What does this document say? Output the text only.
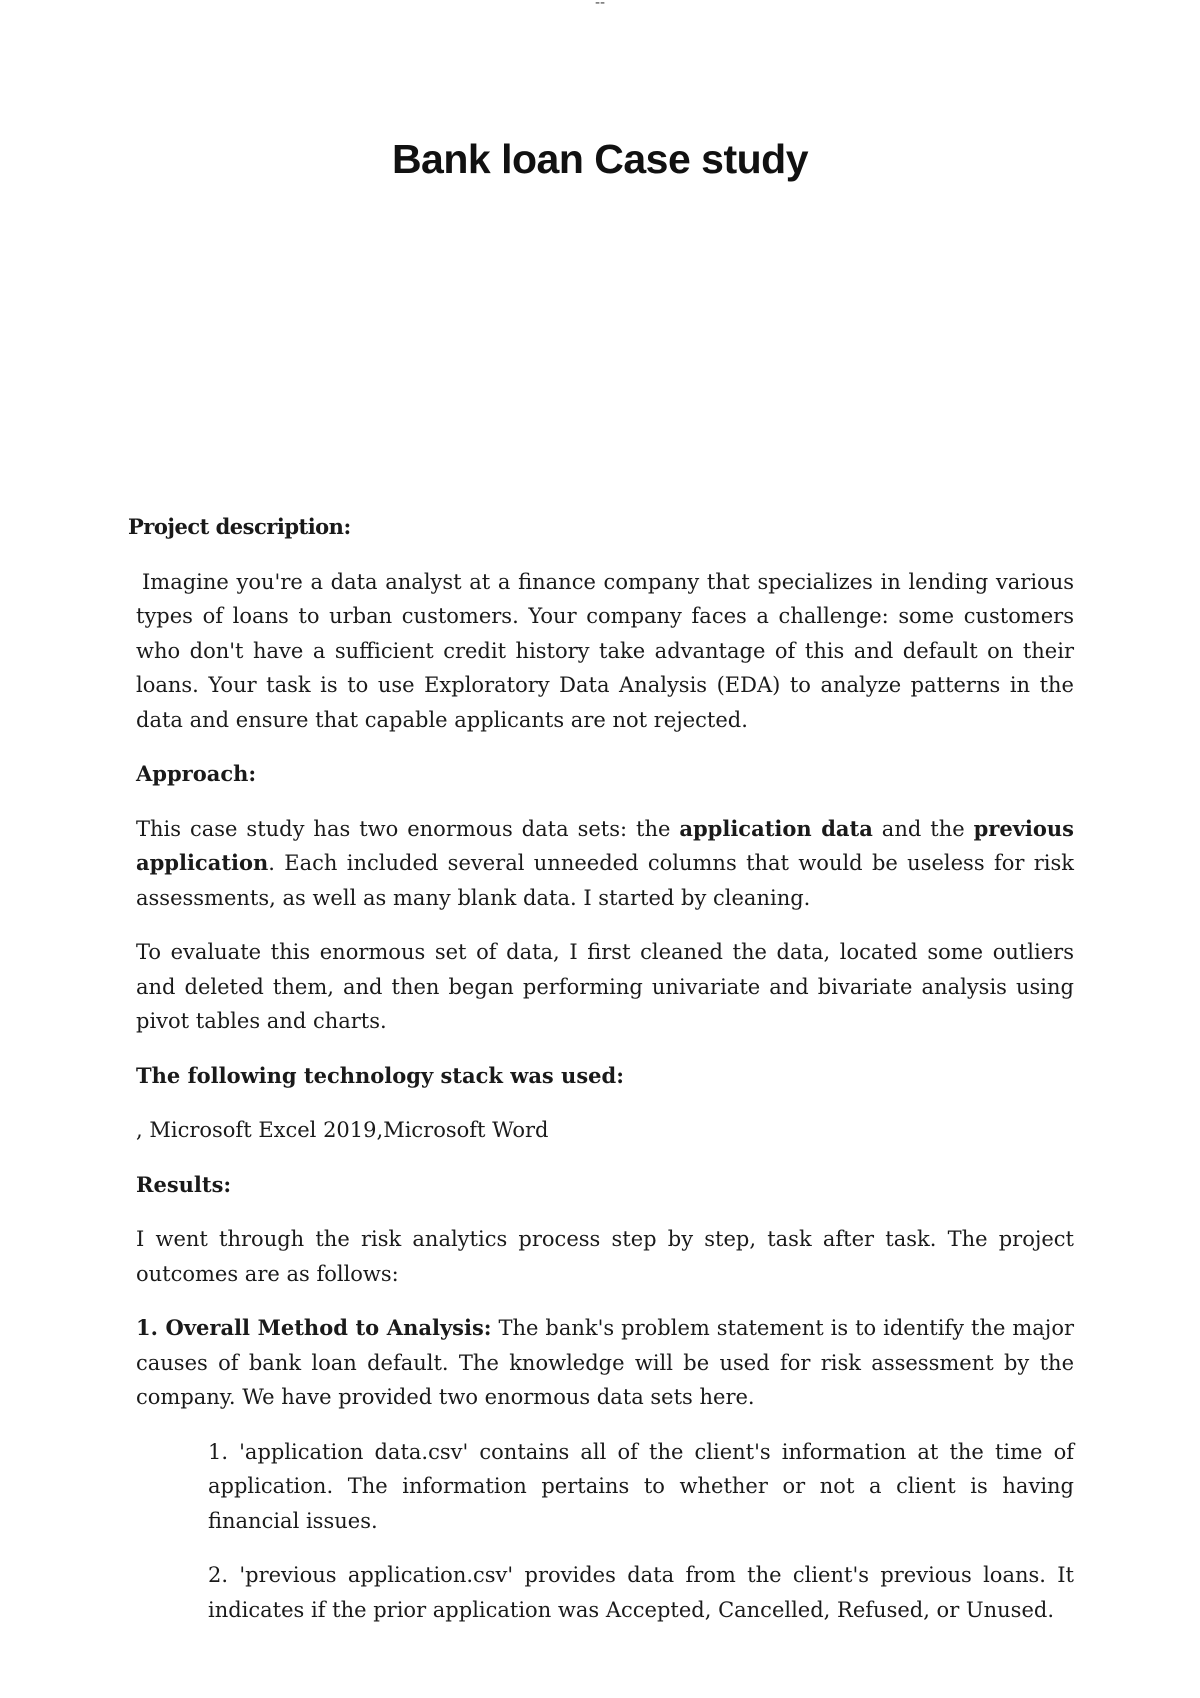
--
Bank loan Case study
Project description:

Imagine you're a data analyst at a finance company that specializes in lending various types of loans to urban customers. Your company faces a challenge: some customers who don't have a sufficient credit history take advantage of this and default on their loans. Your task is to use Exploratory Data Analysis (EDA) to analyze patterns in the data and ensure that capable applicants are not rejected.

Approach:

This case study has two enormous data sets: the application data and the previous application. Each included several unneeded columns that would be useless for risk assessments, as well as many blank data. I started by cleaning.

To evaluate this enormous set of data, I first cleaned the data, located some outliers and deleted them, and then began performing univariate and bivariate analysis using pivot tables and charts.

The following technology stack was used:

, Microsoft Excel 2019,Microsoft Word

Results:

I went through the risk analytics process step by step, task after task. The project outcomes are as follows:

1. Overall Method to Analysis: The bank's problem statement is to identify the major causes of bank loan default. The knowledge will be used for risk assessment by the company. We have provided two enormous data sets here.

1. 'application data.csv' contains all of the client's information at the time of application. The information pertains to whether or not a client is having financial issues.

2. 'previous application.csv' provides data from the client's previous loans. It indicates if the prior application was Accepted, Cancelled, Refused, or Unused.
